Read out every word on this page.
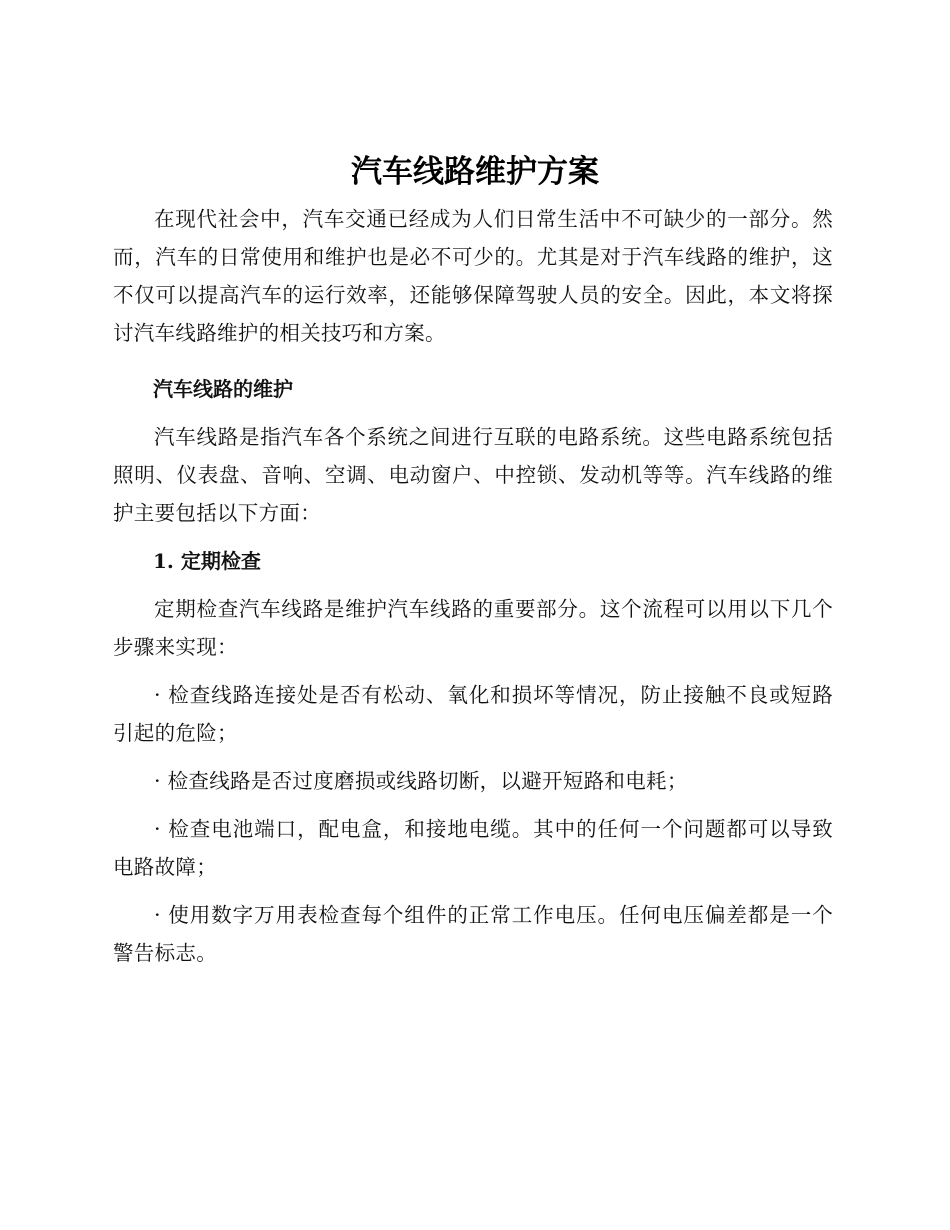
汽车线路维护方案

在现代社会中，汽车交通已经成为人们日常生活中不可缺少的一部分。然而，汽车的日常使用和维护也是必不可少的。尤其是对于汽车线路的维护，这不仅可以提高汽车的运行效率，还能够保障驾驶人员的安全。因此，本文将探讨汽车线路维护的相关技巧和方案。

汽车线路的维护

汽车线路是指汽车各个系统之间进行互联的电路系统。这些电路系统包括照明、仪表盘、音响、空调、电动窗户、中控锁、发动机等等。汽车线路的维护主要包括以下方面：

1. 定期检查

定期检查汽车线路是维护汽车线路的重要部分。这个流程可以用以下几个步骤来实现：

· 检查线路连接处是否有松动、氧化和损坏等情况，防止接触不良或短路引起的危险；

· 检查线路是否过度磨损或线路切断，以避开短路和电耗；

· 检查电池端口，配电盒，和接地电缆。其中的任何一个问题都可以导致电路故障；

· 使用数字万用表检查每个组件的正常工作电压。任何电压偏差都是一个警告标志。
